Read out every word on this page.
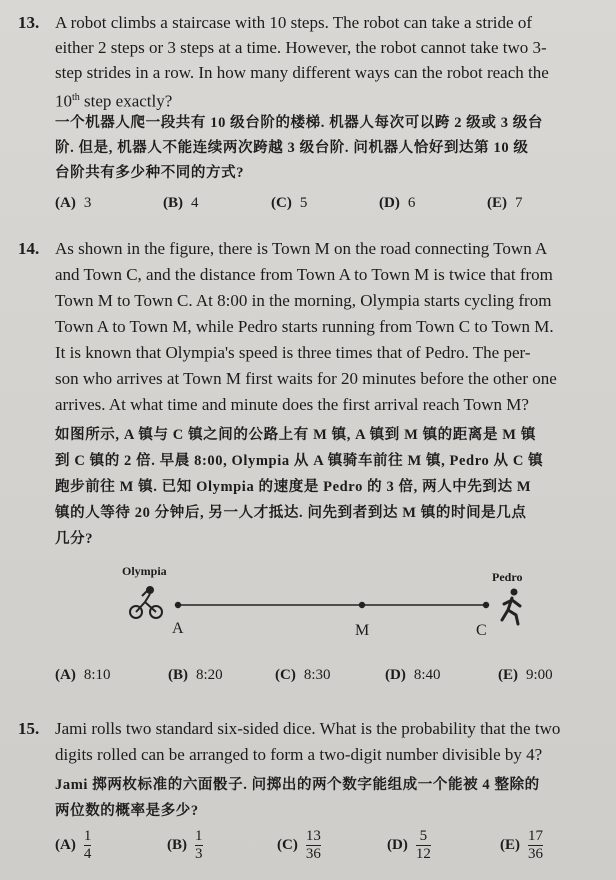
13. A robot climbs a staircase with 10 steps. The robot can take a stride of
either 2 steps or 3 steps at a time. However, the robot cannot take two 3-
step strides in a row. In how many different ways can the robot reach the
10th step exactly?
一个机器人爬一段共有 10 级台阶的楼梯. 机器人每次可以跨 2 级或 3 级台
阶. 但是, 机器人不能连续两次跨越 3 级台阶. 问机器人恰好到达第 10 级
台阶共有多少种不同的方式?
(A) 3	(B) 4	(C) 5	(D) 6	(E) 7
14. As shown in the figure, there is Town M on the road connecting Town A
and Town C, and the distance from Town A to Town M is twice that from
Town M to Town C. At 8:00 in the morning, Olympia starts cycling from
Town A to Town M, while Pedro starts running from Town C to Town M.
It is known that Olympia's speed is three times that of Pedro. The per-
son who arrives at Town M first waits for 20 minutes before the other one
arrives. At what time and minute does the first arrival reach Town M?
如图所示, A 镇与 C 镇之间的公路上有 M 镇, A 镇到 M 镇的距离是 M 镇
到 C 镇的 2 倍. 早晨 8:00, Olympia 从 A 镇骑车前往 M 镇, Pedro 从 C 镇
跑步前往 M 镇. 已知 Olympia 的速度是 Pedro 的 3 倍, 两人中先到达 M
镇的人等待 20 分钟后, 另一人才抵达. 问先到者到达 M 镇的时间是几点
几分?
Olympia	Pedro
A	M	C
(A) 8:10	(B) 8:20	(C) 8:30	(D) 8:40	(E) 9:00
15. Jami rolls two standard six-sided dice. What is the probability that the two
digits rolled can be arranged to form a two-digit number divisible by 4?
Jami 掷两枚标准的六面骰子. 问掷出的两个数字能组成一个能被 4 整除的
两位数的概率是多少?
$(A) \frac{1}{4}$	$(B) \frac{1}{3}$	$(C) \frac{13}{36}$	$(D) \frac{5}{12}$	$(E) \frac{17}{36}$
